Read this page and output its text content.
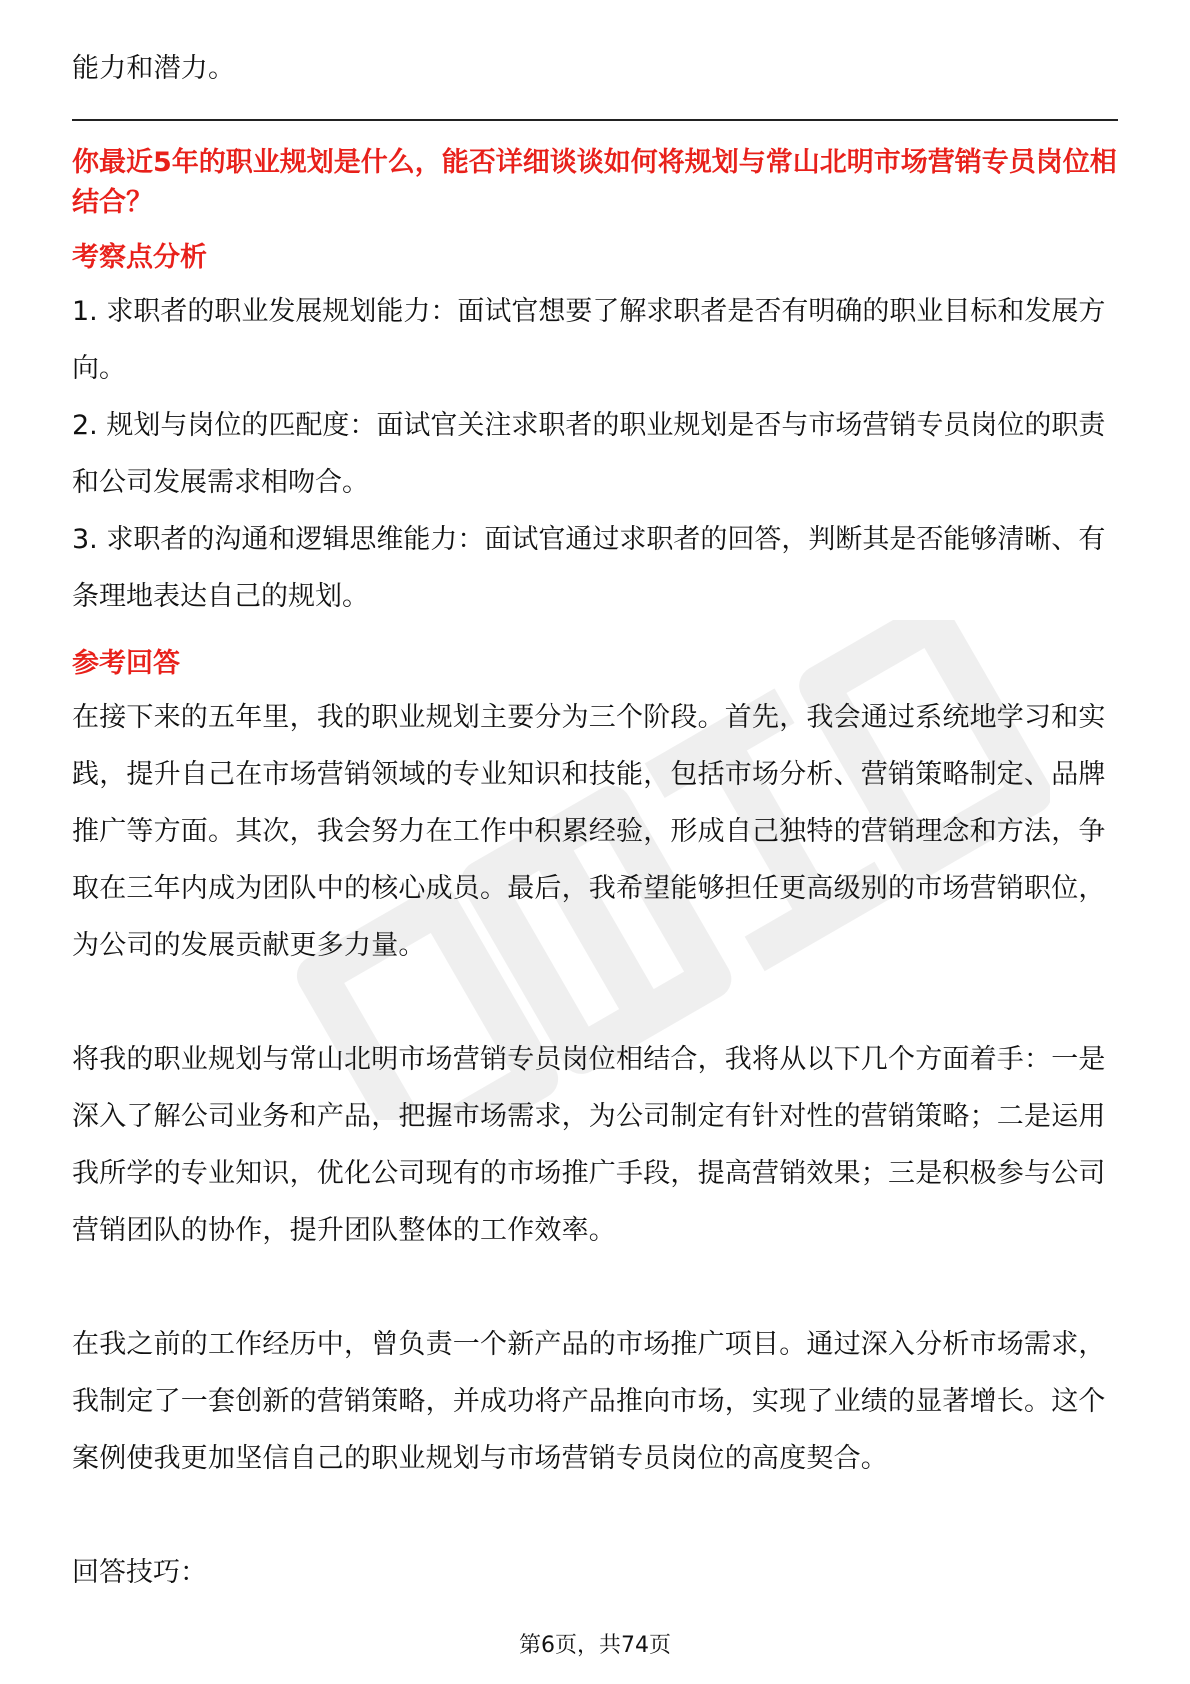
能力和潜力。

你最近5年的职业规划是什么，能否详细谈谈如何将规划与常山北明市场营销专员岗位相结合？

考察点分析

1. 求职者的职业发展规划能力：面试官想要了解求职者是否有明确的职业目标和发展方向。

2. 规划与岗位的匹配度：面试官关注求职者的职业规划是否与市场营销专员岗位的职责和公司发展需求相吻合。

3. 求职者的沟通和逻辑思维能力：面试官通过求职者的回答，判断其是否能够清晰、有条理地表达自己的规划。

参考回答

在接下来的五年里，我的职业规划主要分为三个阶段。首先，我会通过系统地学习和实践，提升自己在市场营销领域的专业知识和技能，包括市场分析、营销策略制定、品牌推广等方面。其次，我会努力在工作中积累经验，形成自己独特的营销理念和方法，争取在三年内成为团队中的核心成员。最后，我希望能够担任更高级别的市场营销职位，为公司的发展贡献更多力量。

将我的职业规划与常山北明市场营销专员岗位相结合，我将从以下几个方面着手：一是深入了解公司业务和产品，把握市场需求，为公司制定有针对性的营销策略；二是运用我所学的专业知识，优化公司现有的市场推广手段，提高营销效果；三是积极参与公司营销团队的协作，提升团队整体的工作效率。

在我之前的工作经历中，曾负责一个新产品的市场推广项目。通过深入分析市场需求，我制定了一套创新的营销策略，并成功将产品推向市场，实现了业绩的显著增长。这个案例使我更加坚信自己的职业规划与市场营销专员岗位的高度契合。

回答技巧：

第6页，共74页
